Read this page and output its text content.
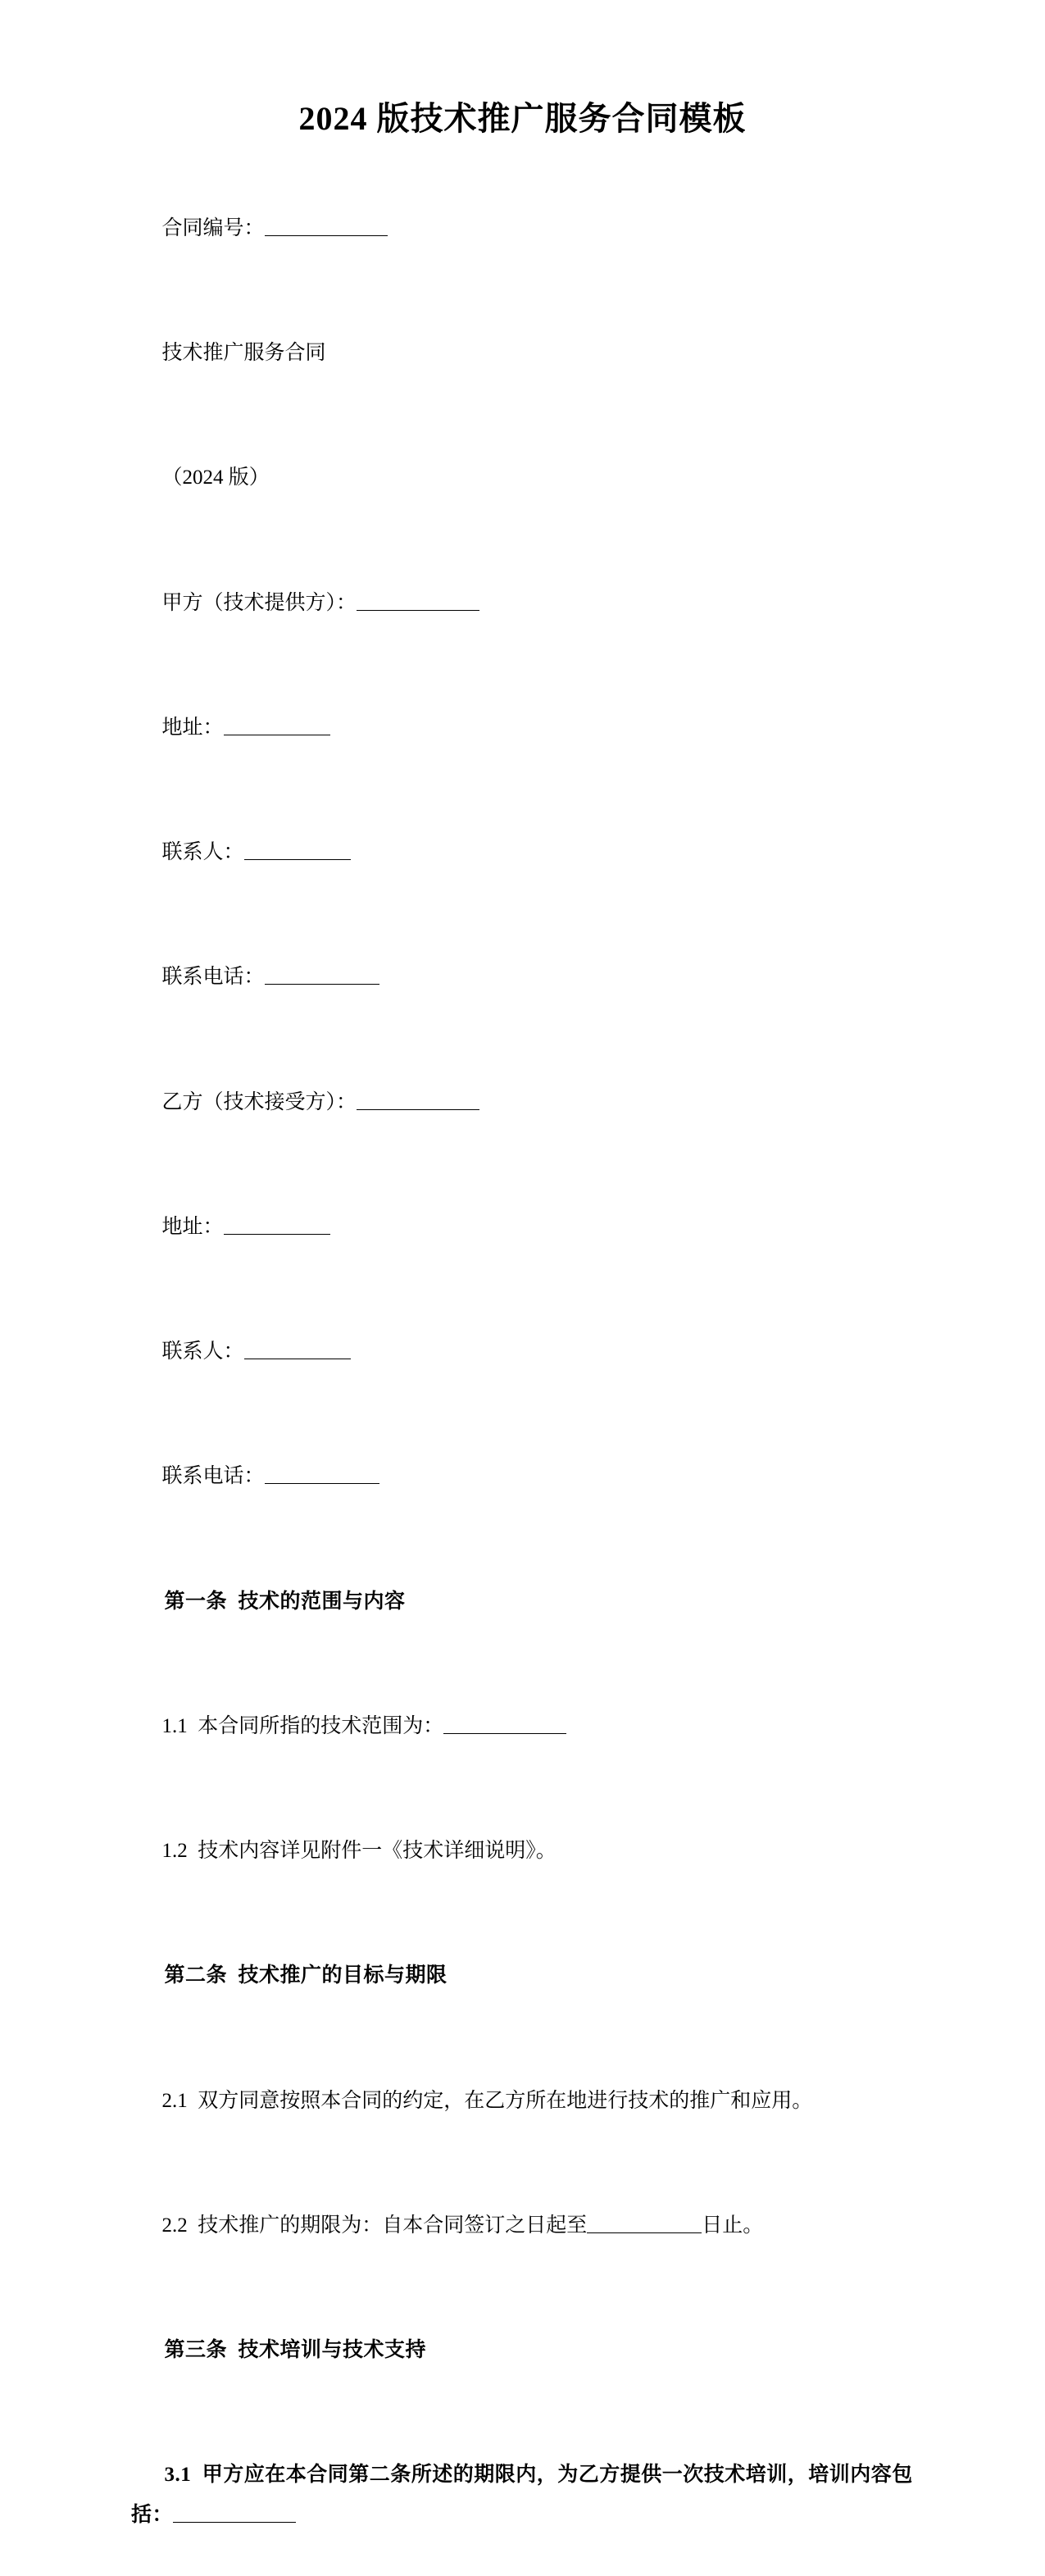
2024 版技术推广服务合同模板

合同编号：

技术推广服务合同

（2024 版）

甲方（技术提供方）：

地址：

联系人：

联系电话：

乙方（技术接受方）：

地址：

联系人：

联系电话：

第一条  技术的范围与内容

1.1  本合同所指的技术范围为：

1.2  技术内容详见附件一《技术详细说明》。

第二条  技术推广的目标与期限

2.1  双方同意按照本合同的约定，在乙方所在地进行技术的推广和应用。

2.2  技术推广的期限为：自本合同签订之日起至	日止。

第三条  技术培训与技术支持

3.1  甲方应在本合同第二条所述的期限内，为乙方提供一次技术培训，培训内容包括：
